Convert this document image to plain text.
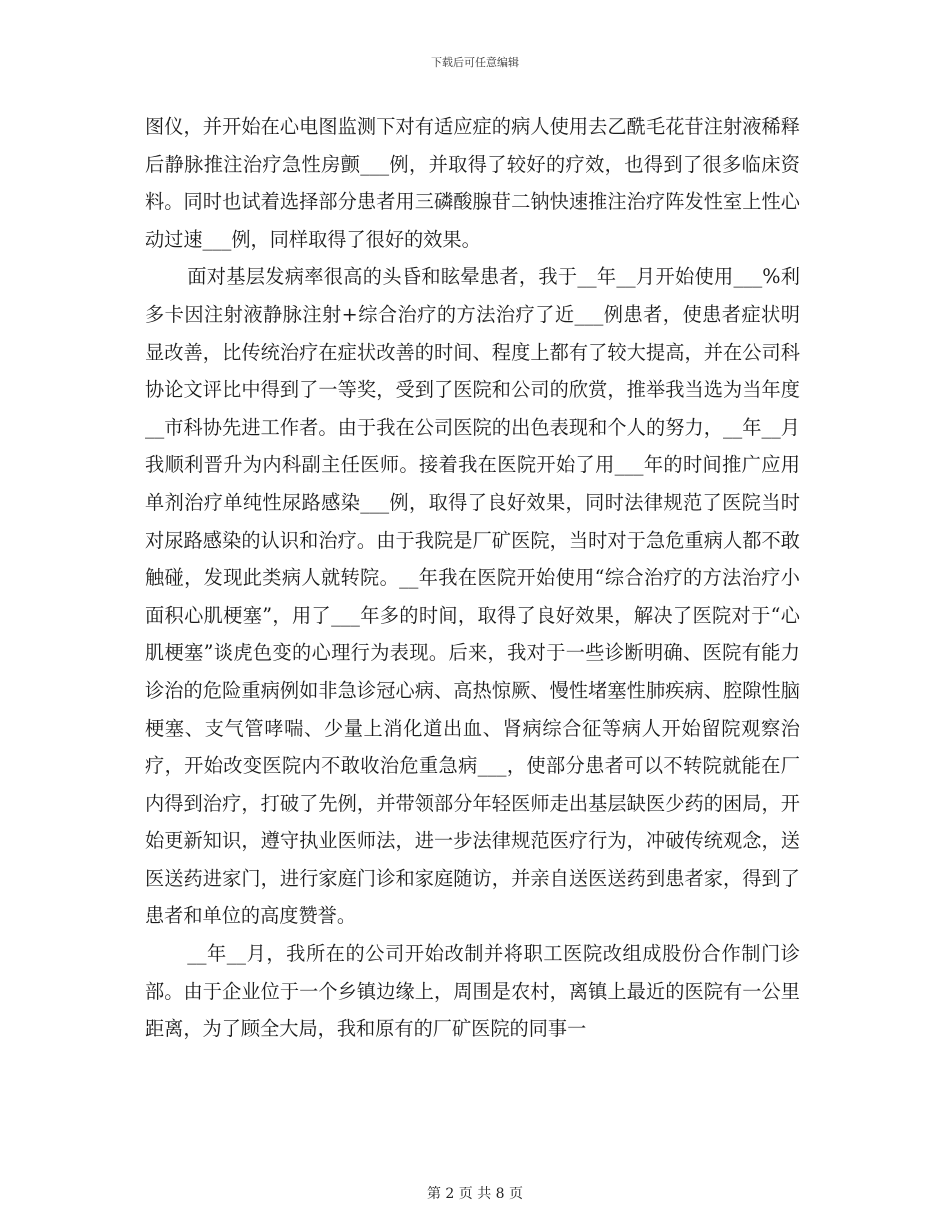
下载后可任意编辑

图仪，并开始在心电图监测下对有适应症的病人使用去乙酰毛花苷注射液稀释后静脉推注治疗急性房颤___例，并取得了较好的疗效，也得到了很多临床资料。同时也试着选择部分患者用三磷酸腺苷二钠快速推注治疗阵发性室上性心动过速___例，同样取得了很好的效果。

面对基层发病率很高的头昏和眩晕患者，我于__年__月开始使用___%利多卡因注射液静脉注射+综合治疗的方法治疗了近___例患者，使患者症状明显改善，比传统治疗在症状改善的时间、程度上都有了较大提高，并在公司科协论文评比中得到了一等奖，受到了医院和公司的欣赏，推举我当选为当年度__市科协先进工作者。由于我在公司医院的出色表现和个人的努力，__年__月我顺利晋升为内科副主任医师。接着我在医院开始了用___年的时间推广应用单剂治疗单纯性尿路感染___例，取得了良好效果，同时法律规范了医院当时对尿路感染的认识和治疗。由于我院是厂矿医院，当时对于急危重病人都不敢触碰，发现此类病人就转院。__年我在医院开始使用“综合治疗的方法治疗小面积心肌梗塞”，用了___年多的时间，取得了良好效果，解决了医院对于“心肌梗塞”谈虎色变的心理行为表现。后来，我对于一些诊断明确、医院有能力诊治的危险重病例如非急诊冠心病、高热惊厥、慢性堵塞性肺疾病、腔隙性脑梗塞、支气管哮喘、少量上消化道出血、肾病综合征等病人开始留院观察治疗，开始改变医院内不敢收治危重急病___，使部分患者可以不转院就能在厂内得到治疗，打破了先例，并带领部分年轻医师走出基层缺医少药的困局，开始更新知识，遵守执业医师法，进一步法律规范医疗行为，冲破传统观念，送医送药进家门，进行家庭门诊和家庭随访，并亲自送医送药到患者家，得到了患者和单位的高度赞誉。

__年__月，我所在的公司开始改制并将职工医院改组成股份合作制门诊部。由于企业位于一个乡镇边缘上，周围是农村，离镇上最近的医院有一公里距离，为了顾全大局，我和原有的厂矿医院的同事一

第 2 页 共 8 页
